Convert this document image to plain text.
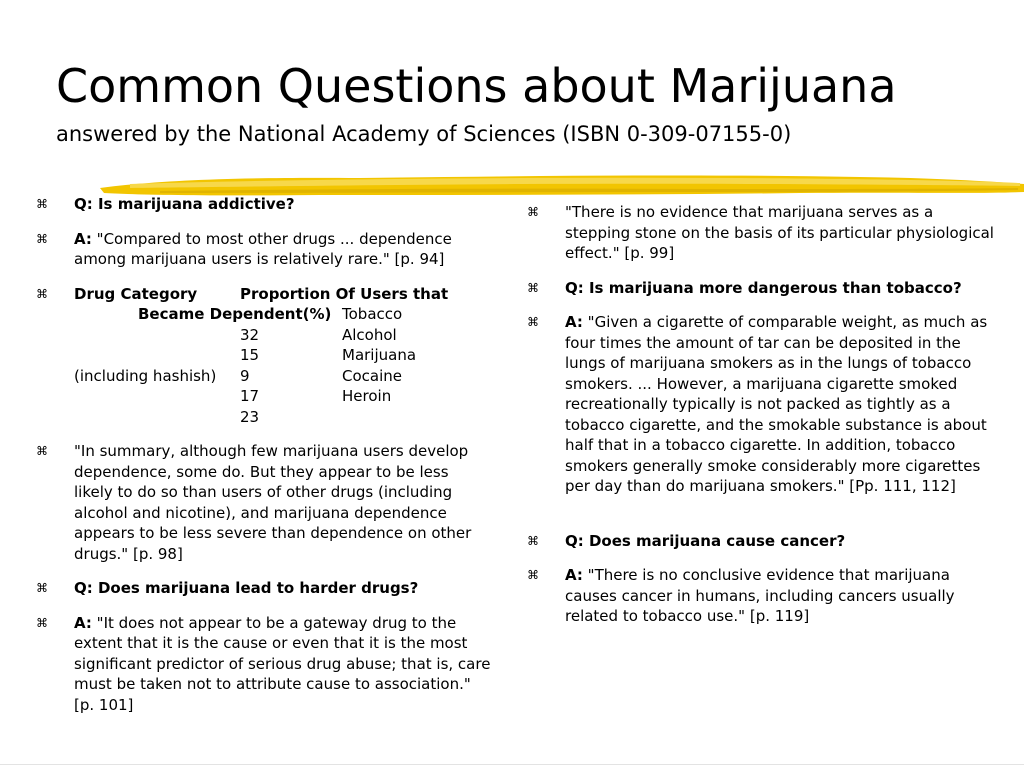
Common Questions about Marijuana
answered by the National Academy of Sciences (ISBN 0-309-07155-0)
⌘ Q: Is marijuana addictive?
⌘ A: "Compared to most other drugs ... dependence among marijuana users is relatively rare." [p. 94]
⌘ Drug Category	Proportion Of Users that	
Became Dependent(%)		Tobacco
	32	Alcohol
	15	Marijuana
(including hashish)	9	Cocaine
	17	Heroin
	23	
⌘ "In summary, although few marijuana users develop dependence, some do. But they appear to be less likely to do so than users of other drugs (including alcohol and nicotine), and marijuana dependence appears to be less severe than dependence on other drugs." [p. 98]
⌘ Q: Does marijuana lead to harder drugs?
⌘ A: "It does not appear to be a gateway drug to the extent that it is the cause or even that it is the most significant predictor of serious drug abuse; that is, care must be taken not to attribute cause to association." [p. 101]
⌘ "There is no evidence that marijuana serves as a stepping stone on the basis of its particular physiological effect." [p. 99]
⌘ Q: Is marijuana more dangerous than tobacco?
⌘ A: "Given a cigarette of comparable weight, as much as four times the amount of tar can be deposited in the lungs of marijuana smokers as in the lungs of tobacco smokers. ... However, a marijuana cigarette smoked recreationally typically is not packed as tightly as a tobacco cigarette, and the smokable substance is about half that in a tobacco cigarette. In addition, tobacco smokers generally smoke considerably more cigarettes per day than do marijuana smokers." [Pp. 111, 112]
⌘ Q: Does marijuana cause cancer?
⌘ A: "There is no conclusive evidence that marijuana causes cancer in humans, including cancers usually related to tobacco use." [p. 119]
